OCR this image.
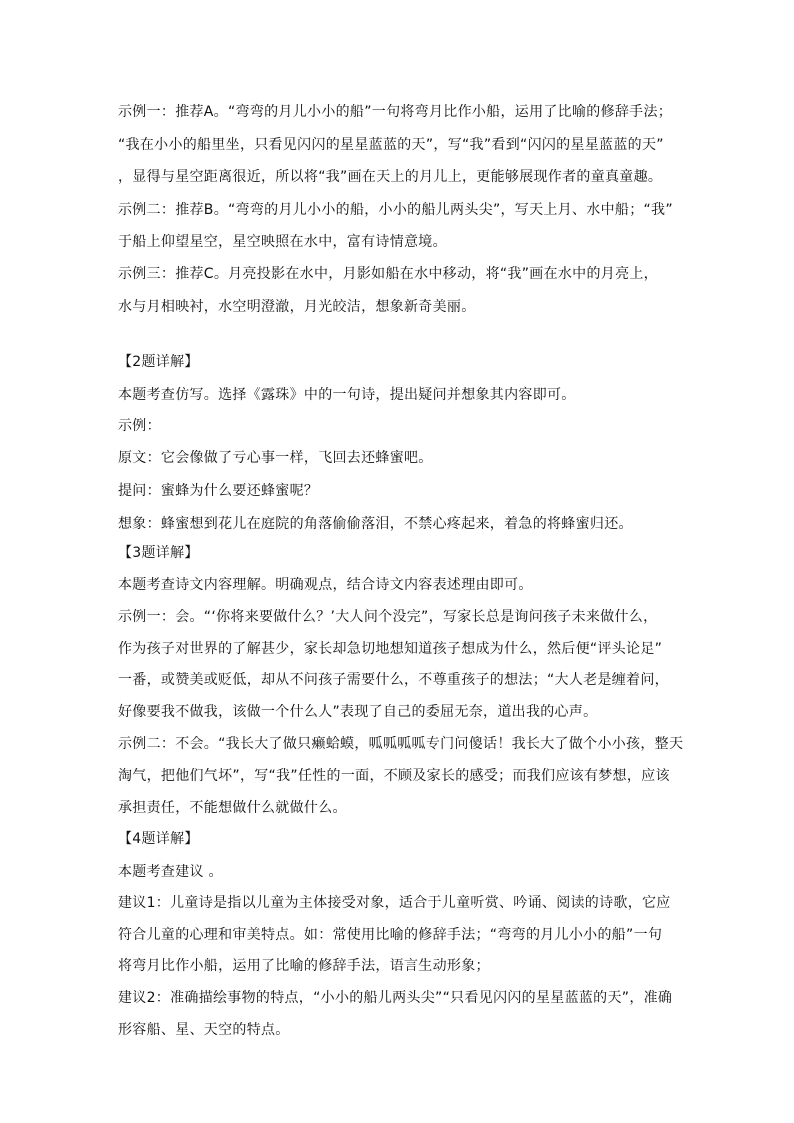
示例一：推荐A。“弯弯的月儿小小的船”一句将弯月比作小船，运用了比喻的修辞手法；
“我在小小的船里坐，只看见闪闪的星星蓝蓝的天”，写“我”看到“闪闪的星星蓝蓝的天”
，显得与星空距离很近，所以将“我”画在天上的月儿上，更能够展现作者的童真童趣。
示例二：推荐B。“弯弯的月儿小小的船，小小的船儿两头尖”，写天上月、水中船；“我”
于船上仰望星空，星空映照在水中，富有诗情意境。
示例三：推荐C。月亮投影在水中，月影如船在水中移动，将“我”画在水中的月亮上，
水与月相映衬，水空明澄澈，月光皎洁，想象新奇美丽。
【2题详解】
本题考查仿写。选择《露珠》中的一句诗，提出疑问并想象其内容即可。
示例：
原文：它会像做了亏心事一样，飞回去还蜂蜜吧。
提问：蜜蜂为什么要还蜂蜜呢？
想象：蜂蜜想到花儿在庭院的角落偷偷落泪，不禁心疼起来，着急的将蜂蜜归还。
【3题详解】
本题考查诗文内容理解。明确观点，结合诗文内容表述理由即可。
示例一：会。“‘你将来要做什么？’大人问个没完”，写家长总是询问孩子未来做什么，
作为孩子对世界的了解甚少，家长却急切地想知道孩子想成为什么，然后便“评头论足”
一番，或赞美或贬低，却从不问孩子需要什么，不尊重孩子的想法；“大人老是缠着问，
好像要我不做我，该做一个什么人”表现了自己的委屈无奈，道出我的心声。
示例二：不会。“我长大了做只癞蛤蟆，呱呱呱呱专门问傻话！我长大了做个小小孩，整天
淘气，把他们气坏”，写“我”任性的一面，不顾及家长的感受；而我们应该有梦想，应该
承担责任，不能想做什么就做什么。
【4题详解】
本题考查建议 。
建议1：儿童诗是指以儿童为主体接受对象，适合于儿童听赏、吟诵、阅读的诗歌，它应
符合儿童的心理和审美特点。如：常使用比喻的修辞手法；“弯弯的月儿小小的船”一句
将弯月比作小船，运用了比喻的修辞手法，语言生动形象；
建议2：准确描绘事物的特点，“小小的船儿两头尖”“只看见闪闪的星星蓝蓝的天”，准确
形容船、星、天空的特点。
